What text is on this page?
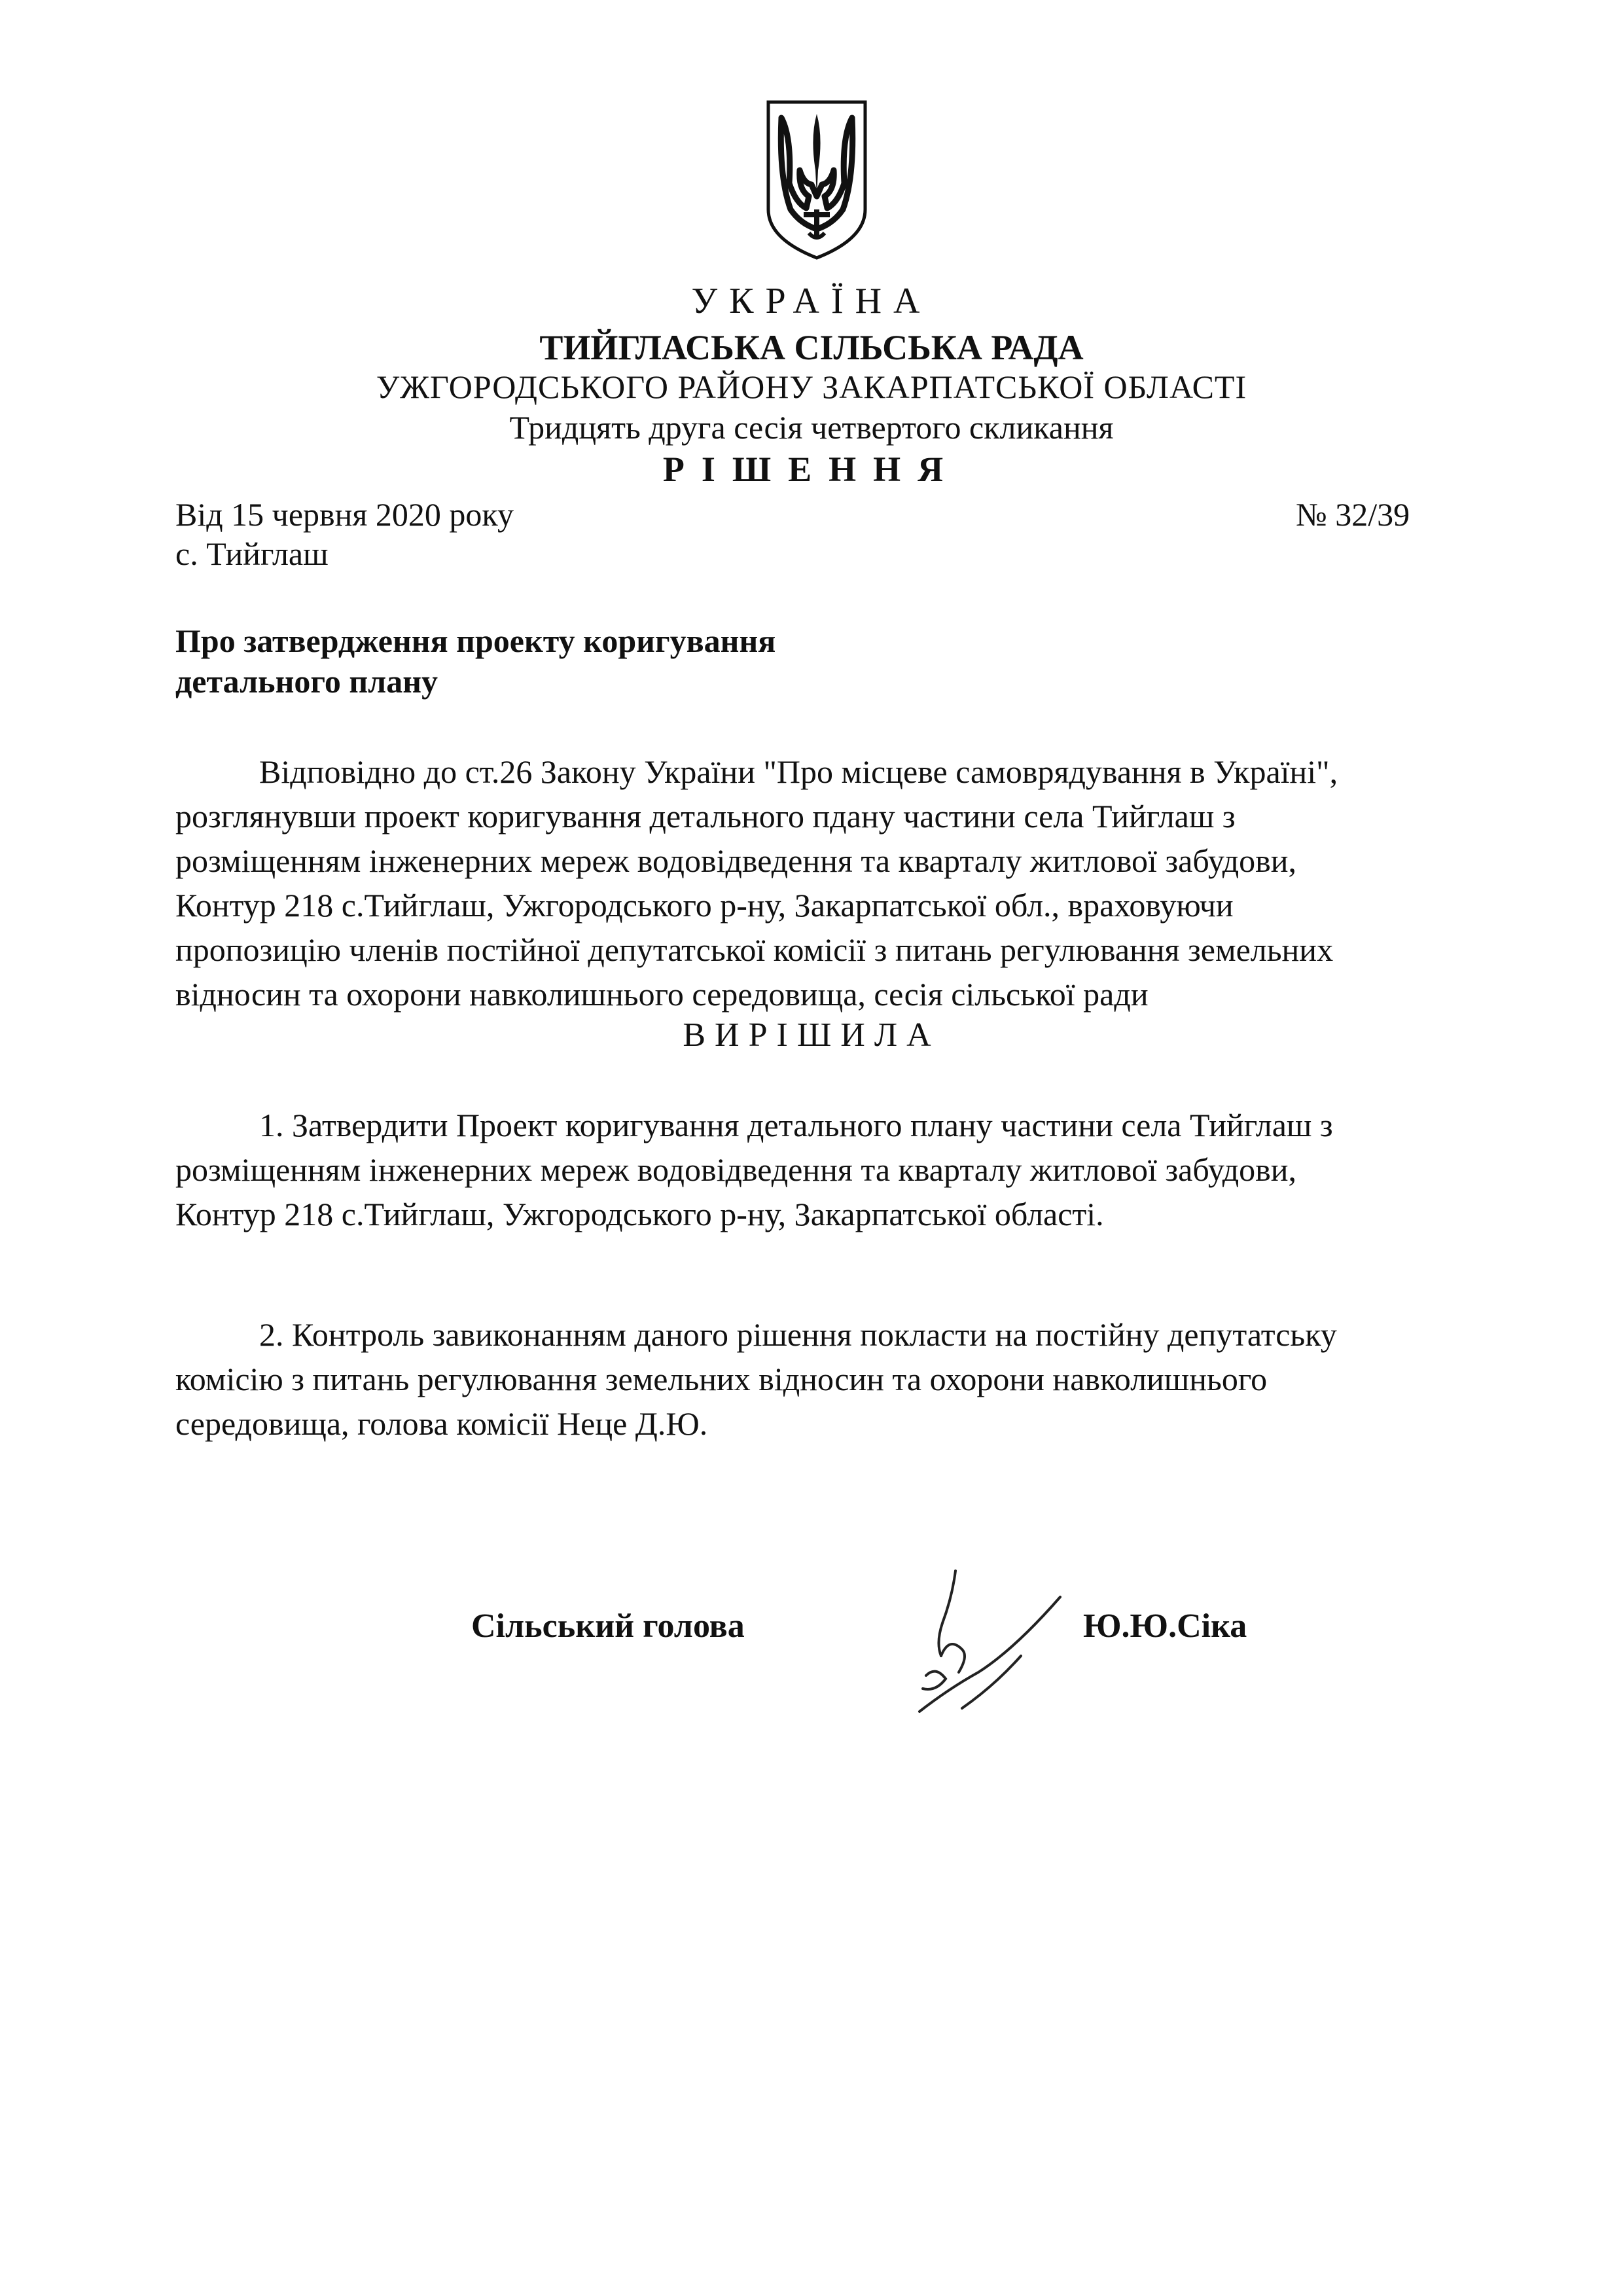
УКРАЇНА
ТИЙГЛАСЬКА СІЛЬСЬКА РАДА
УЖГОРОДСЬКОГО РАЙОНУ ЗАКАРПАТСЬКОЇ ОБЛАСТІ
Тридцять друга сесія четвертого скликання
РІШЕННЯ
Від 15 червня 2020 року	№ 32/39
с. Тийглаш
Про затвердження проекту коригування
детального плану
Відповідно до ст.26 Закону України "Про місцеве самоврядування в Україні",
розглянувши проект коригування детального пдану частини села Тийглаш з
розміщенням інженерних мереж водовідведення та кварталу житлової забудови,
Контур 218 с.Тийглаш, Ужгородського р-ну, Закарпатської обл., враховуючи
пропозицію членів постійної депутатської комісії з питань регулювання земельних
відносин та охорони навколишнього середовища, сесія сільської ради
ВИРІШИЛА
1. Затвердити Проект коригування детального плану частини села Тийглаш з
розміщенням інженерних мереж водовідведення та кварталу житлової забудови,
Контур 218 с.Тийглаш, Ужгородського р-ну, Закарпатської області.
2. Контроль завиконанням даного рішення покласти на постійну депутатську
комісію з питань регулювання земельних відносин та охорони навколишнього
середовища, голова комісії Неце Д.Ю.
Сільський голова	Ю.Ю.Сіка
